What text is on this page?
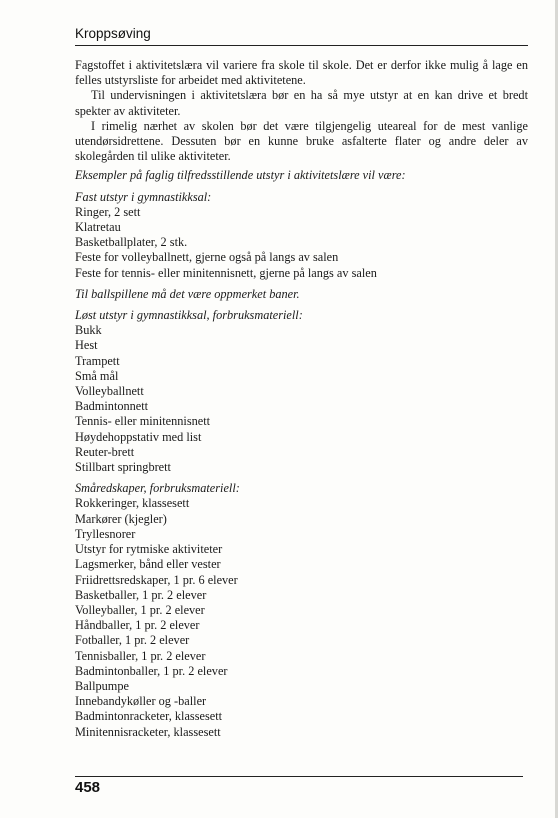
Kroppsøving

Fagstoffet i aktivitetslæra vil variere fra skole til skole. Det er derfor ikke mulig å lage en felles utstyrsliste for arbeidet med aktivitetene.

Til undervisningen i aktivitetslæra bør en ha så mye utstyr at en kan drive et bredt spekter av aktiviteter.

I rimelig nærhet av skolen bør det være tilgjengelig uteareal for de mest vanlige utendørsidrettene. Dessuten bør en kunne bruke asfalterte flater og andre deler av skolegården til ulike aktiviteter.

Eksempler på faglig tilfredsstillende utstyr i aktivitetslære vil være:

Fast utstyr i gymnastikksal:

Ringer, 2 sett
Klatretau
Basketballplater, 2 stk.
Feste for volleyballnett, gjerne også på langs av salen
Feste for tennis- eller minitennisnett, gjerne på langs av salen

Til ballspillene må det være oppmerket baner.

Løst utstyr i gymnastikksal, forbruksmateriell:

Bukk
Hest
Trampett
Små mål
Volleyballnett
Badmintonnett
Tennis- eller minitennisnett
Høydehoppstativ med list
Reuter-brett
Stillbart springbrett

Småredskaper, forbruksmateriell:

Rokkeringer, klassesett
Markører (kjegler)
Tryllesnorer
Utstyr for rytmiske aktiviteter
Lagsmerker, bånd eller vester
Friidrettsredskaper, 1 pr. 6 elever
Basketballer, 1 pr. 2 elever
Volleyballer, 1 pr. 2 elever
Håndballer, 1 pr. 2 elever
Fotballer, 1 pr. 2 elever
Tennisballer, 1 pr. 2 elever
Badmintonballer, 1 pr. 2 elever
Ballpumpe
Innebandykøller og -baller
Badmintonracketer, klassesett
Minitennisracketer, klassesett
458
